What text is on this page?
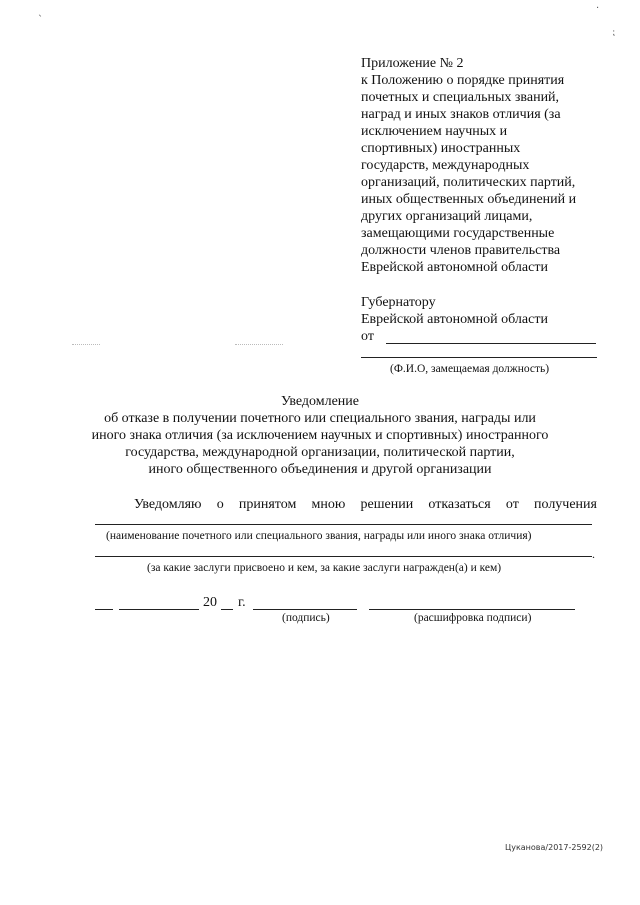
ˎ	·
⁏
Приложение № 2
к Положению о порядке принятия
почетных и специальных званий,
наград и иных знаков отличия (за
исключением научных и
спортивных) иностранных
государств, международных
организаций, политических партий,
иных общественных объединений и
других организаций лицами,
замещающими государственные
должности членов правительства
Еврейской автономной области
Губернатору
Еврейской автономной области
от
(Ф.И.О, замещаемая должность)
Уведомление
об отказе в получении почетного или специального звания, награды или
иного знака отличия (за исключением научных и спортивных) иностранного
государства, международной организации, политической партии,
иного общественного объединения и другой организации
Уведомляю о принятом мною решении отказаться от получения
(наименование почетного или специального звания, награды или иного знака отличия)
.
(за какие заслуги присвоено и кем, за какие заслуги награжден(а) и кем)
20 г.
(подпись)	(расшифровка подписи)
Цуканова/2017-2592(2)
